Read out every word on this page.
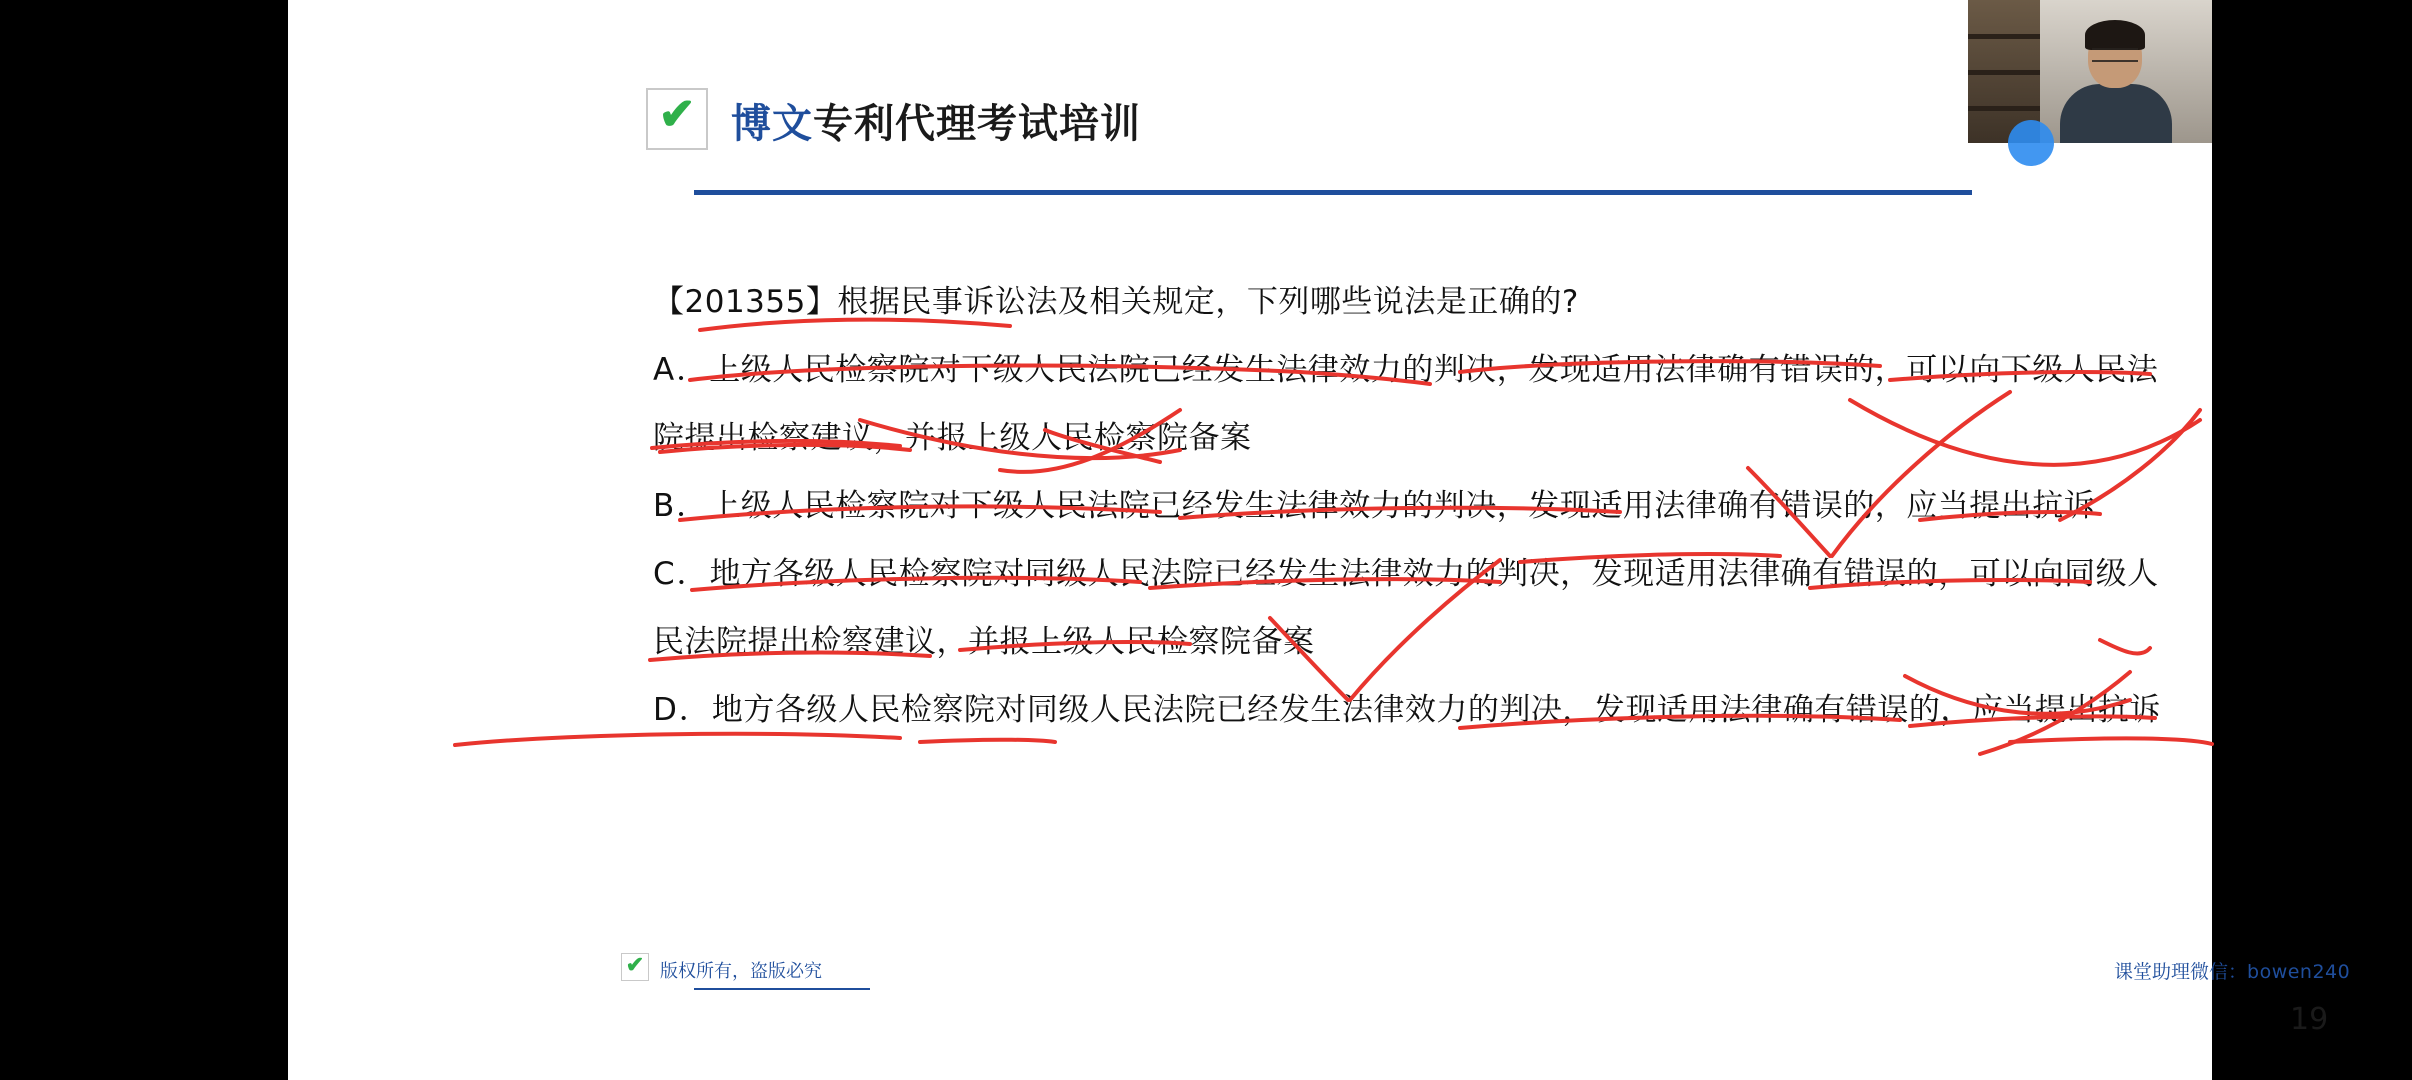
✔ 博文专利代理考试培训
【201355】根据民事诉讼法及相关规定，下列哪些说法是正确的?
A．上级人民检察院对下级人民法院已经发生法律效力的判决，发现适用法律确有错误的，可以向下级人民法
院提出检察建议，并报上级人民检察院备案
B．上级人民检察院对下级人民法院已经发生法律效力的判决，发现适用法律确有错误的，应当提出抗诉
C．地方各级人民检察院对同级人民法院已经发生法律效力的判决，发现适用法律确有错误的，可以向同级人
民法院提出检察建议，并报上级人民检察院备案
D．地方各级人民检察院对同级人民法院已经发生法律效力的判决，发现适用法律确有错误的，应当提出抗诉
✔ 版权所有，盗版必究	课堂助理微信：bowen240
19
